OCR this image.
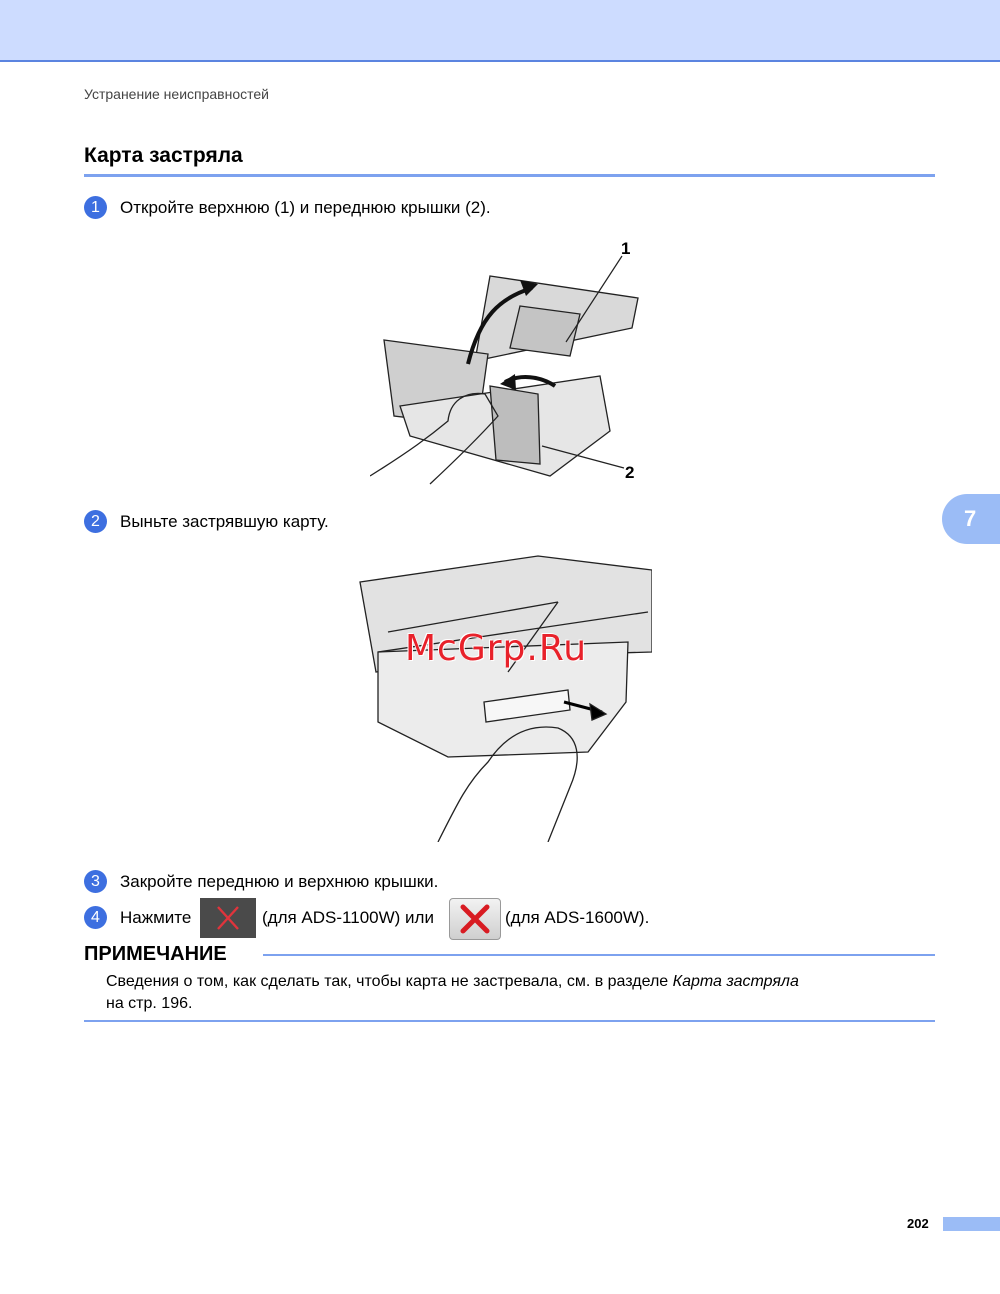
Устранение неисправностей
Карта застряла
1	Откройте верхнюю (1) и переднюю крышки (2).
1
2
7
2	Выньте застрявшую карту.
McGrp.Ru
3	Закройте переднюю и верхнюю крышки.
4	Нажмите	(для ADS-1100W) или	(для ADS-1600W).
ПРИМЕЧАНИЕ
Сведения о том, как сделать так, чтобы карта не застревала, см. в разделе Карта застряла
на стр. 196.
202
